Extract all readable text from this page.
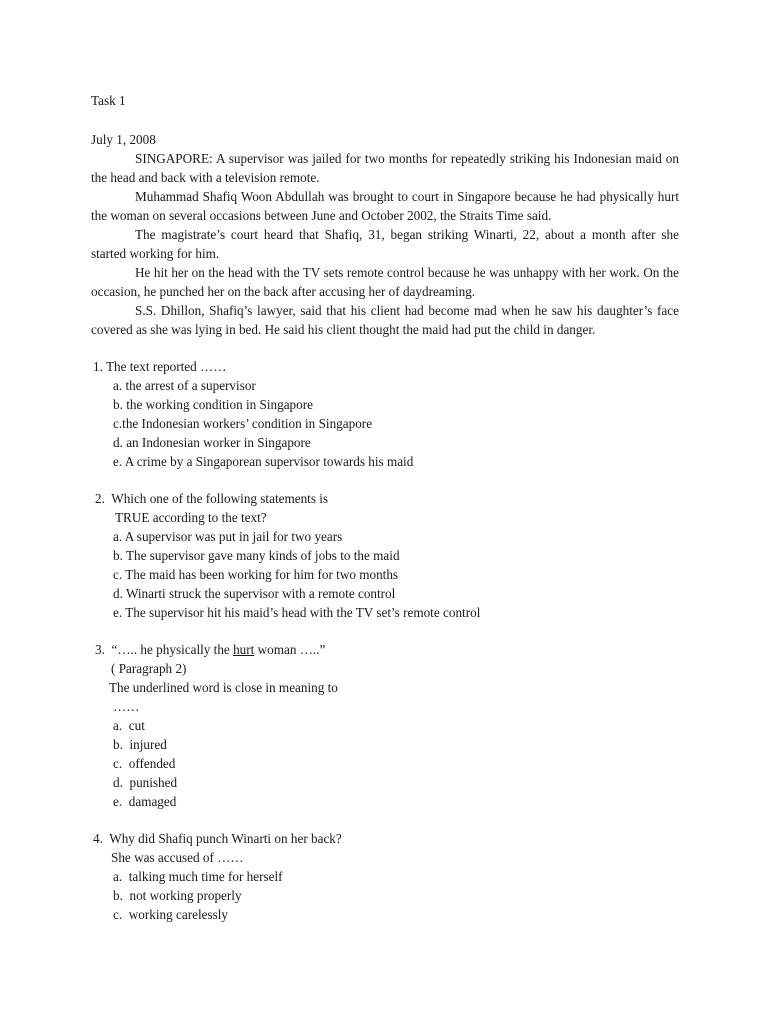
Task 1
July 1, 2008

SINGAPORE: A supervisor was jailed for two months for repeatedly striking his Indonesian maid on the head and back with a television remote.

Muhammad Shafiq Woon Abdullah was brought to court in Singapore because he had physically hurt the woman on several occasions between June and October 2002, the Straits Time said.

The magistrate’s court heard that Shafiq, 31, began striking Winarti, 22, about a month after she started working for him.

He hit her on the head with the TV sets remote control because he was unhappy with her work. On the occasion, he punched her on the back after accusing her of daydreaming.

S.S. Dhillon, Shafiq’s lawyer, said that his client had become mad when he saw his daughter’s face covered as she was lying in bed. He said his client thought the maid had put the child in danger.

1. The text reported ……
a. the arrest of a supervisor
b. the working condition in Singapore
c.the Indonesian workers’ condition in Singapore
d. an Indonesian worker in Singapore
e. A crime by a Singaporean supervisor towards his maid
2.  Which one of the following statements is
TRUE according to the text?
a. A supervisor was put in jail for two years
b. The supervisor gave many kinds of jobs to the maid
c. The maid has been working for him for two months
d. Winarti struck the supervisor with a remote control
e. The supervisor hit his maid’s head with the TV set’s remote control
3.  “….. he physically the hurt woman …..”
( Paragraph 2)
The underlined word is close in meaning to
……
a.  cut
b.  injured
c.  offended
d.  punished
e.  damaged
4.  Why did Shafiq punch Winarti on her back?
She was accused of ……
a.  talking much time for herself
b.  not working properly
c.  working carelessly
